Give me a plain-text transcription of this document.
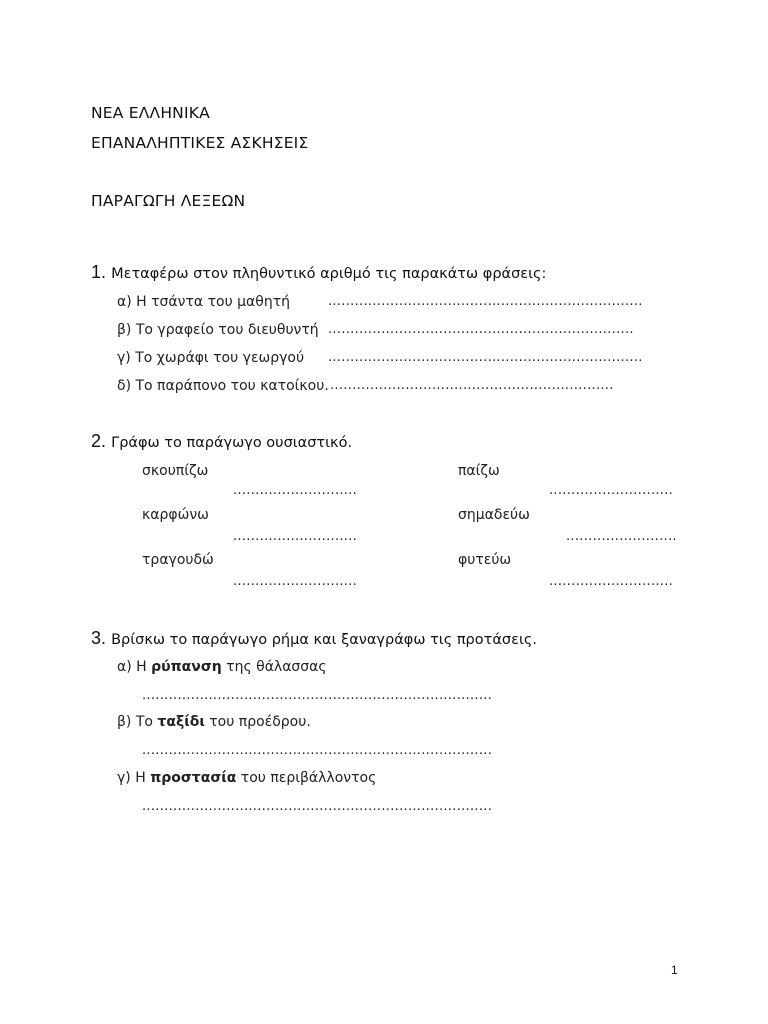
ΝΕΑ ΕΛΛΗΝΙΚΑ
ΕΠΑΝΑΛΗΠΤΙΚΕΣ ΑΣΚΗΣΕΙΣ
ΠΑΡΑΓΩΓΗ ΛΕΞΕΩΝ
1. Μεταφέρω στον πληθυντικό αριθμό τις παρακάτω φράσεις:
α) Η τσάντα του μαθητή	.......................................................................
β) Το γραφείο του διευθυντή .....................................................................
γ) Το χωράφι του γεωργού .......................................................................
δ) Το παράπονο του κατοίκου. ................................................................
2. Γράφω το παράγωγο ουσιαστικό.
σκουπίζω
............................
παίζω
............................
καρφώνω
............................
σημαδεύω
.........................
τραγουδώ
............................
φυτεύω
............................
3. Βρίσκω το παράγωγο ρήμα και ξαναγράφω τις προτάσεις.
α) Η ρύπανση της θάλασσας
...............................................................................
β) Το ταξίδι του προέδρου.
...............................................................................
γ) Η προστασία του περιβάλλοντος
...............................................................................
1
